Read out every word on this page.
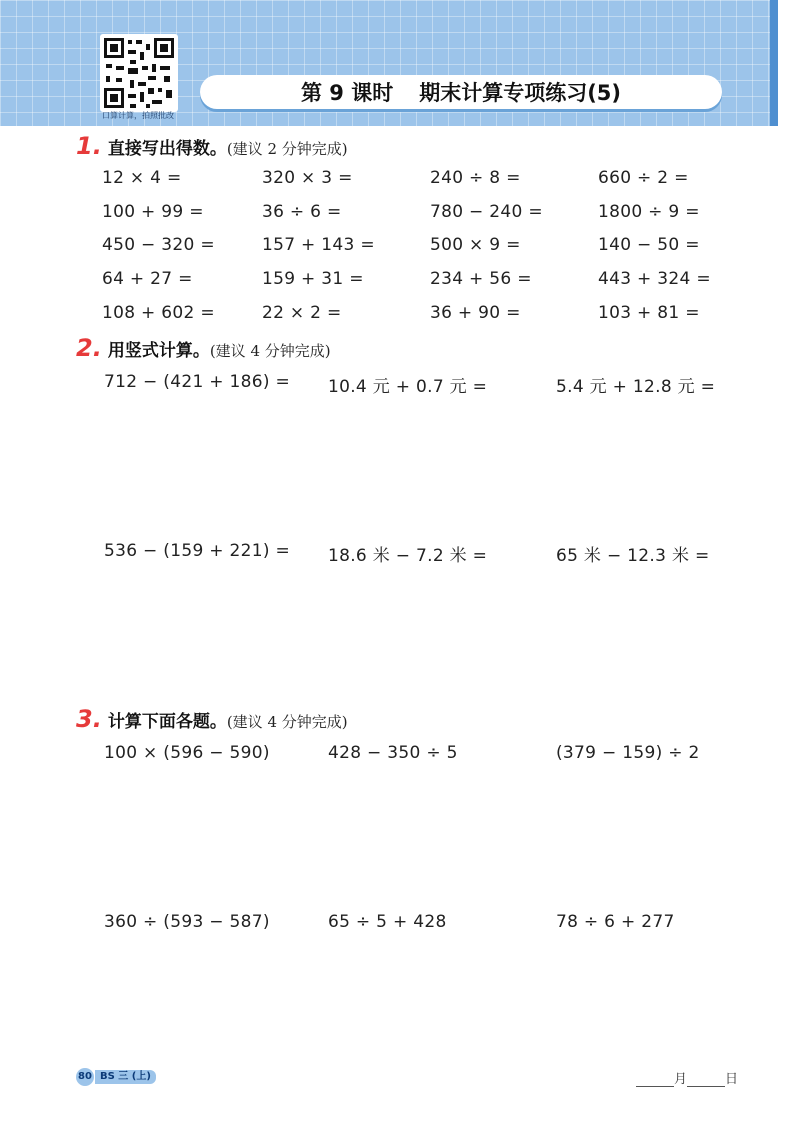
口算计算，拍照批改
第 9 课时 期末计算专项练习(5)
1. 直接写出得数。 (建议 2 分钟完成)
12 × 4 =	320 × 3 =	240 ÷ 8 =	660 ÷ 2 =
100 + 99 =	36 ÷ 6 =	780 − 240 =	1800 ÷ 9 =
450 − 320 =	157 + 143 =	500 × 9 =	140 − 50 =
64 + 27 =	159 + 31 =	234 + 56 =	443 + 324 =
108 + 602 =	22 × 2 =	36 + 90 =	103 + 81 =
2. 用竖式计算。 (建议 4 分钟完成)
712 − (421 + 186) = 10.4 元 + 0.7 元 =	5.4 元 + 12.8 元 =
536 − (159 + 221) = 18.6 米 − 7.2 米 =	65 米 − 12.3 米 =
3. 计算下面各题。 (建议 4 分钟完成)
100 × (596 − 590)	428 − 350 ÷ 5	(379 − 159) ÷ 2
360 ÷ (593 − 587)	65 ÷ 5 + 428	78 ÷ 6 + 277
80 BS 三 (上)	月	日
